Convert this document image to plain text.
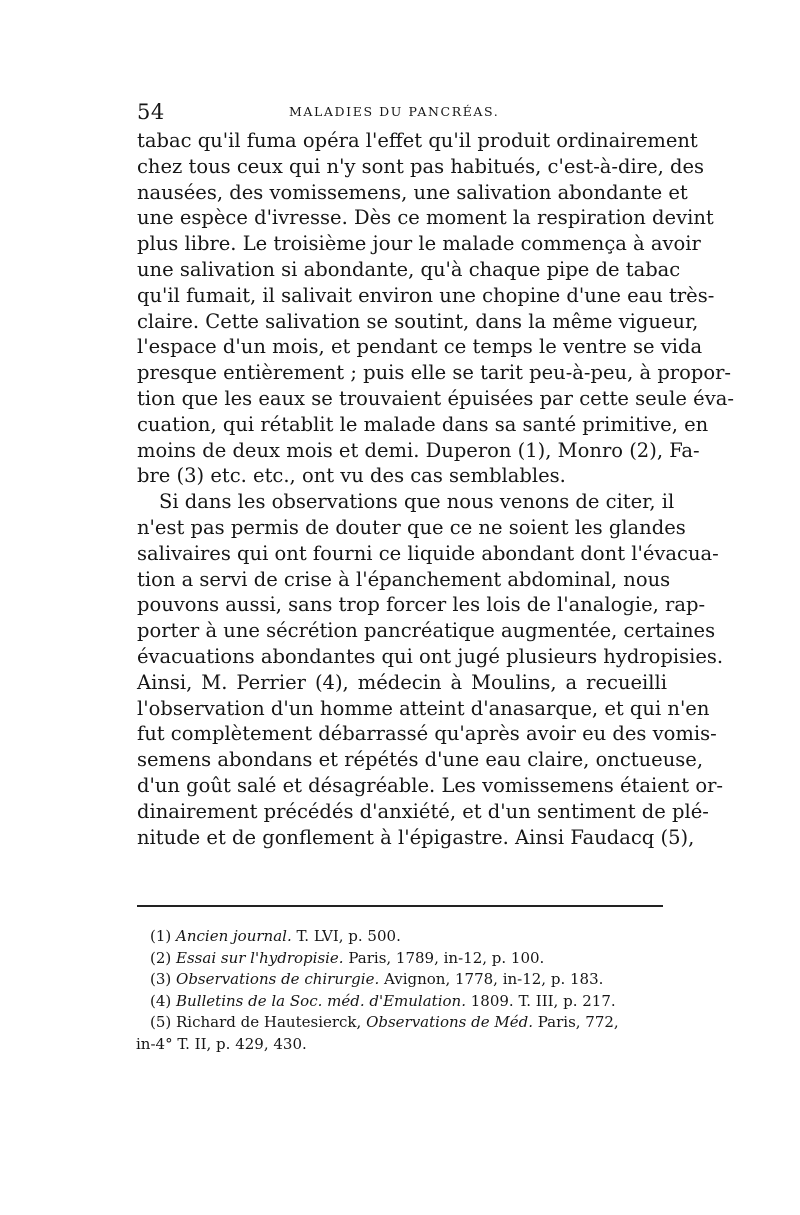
54	MALADIES DU PANCRÉAS.
tabac qu'il fuma opéra l'effet qu'il produit ordinairement
chez tous ceux qui n'y sont pas habitués, c'est-à-dire, des
nausées, des vomissemens, une salivation abondante et
une espèce d'ivresse. Dès ce moment la respiration devint
plus libre. Le troisième jour le malade commença à avoir
une salivation si abondante, qu'à chaque pipe de tabac
qu'il fumait, il salivait environ une chopine d'une eau très-
claire. Cette salivation se soutint, dans la même vigueur,
l'espace d'un mois, et pendant ce temps le ventre se vida
presque entièrement ; puis elle se tarit peu-à-peu, à propor-
tion que les eaux se trouvaient épuisées par cette seule éva-
cuation, qui rétablit le malade dans sa santé primitive, en
moins de deux mois et demi. Duperon (1), Monro (2), Fa-
bre (3) etc. etc., ont vu des cas semblables.
Si dans les observations que nous venons de citer, il
n'est pas permis de douter que ce ne soient les glandes
salivaires qui ont fourni ce liquide abondant dont l'évacua-
tion a servi de crise à l'épanchement abdominal, nous
pouvons aussi, sans trop forcer les lois de l'analogie, rap-
porter à une sécrétion pancréatique augmentée, certaines
évacuations abondantes qui ont jugé plusieurs hydropisies.
Ainsi, M. Perrier (4), médecin à Moulins, a recueilli
l'observation d'un homme atteint d'anasarque, et qui n'en
fut complètement débarrassé qu'après avoir eu des vomis-
semens abondans et répétés d'une eau claire, onctueuse,
d'un goût salé et désagréable. Les vomissemens étaient or-
dinairement précédés d'anxiété, et d'un sentiment de plé-
nitude et de gonflement à l'épigastre. Ainsi Faudacq (5),
(1) Ancien journal. T. LVI, p. 500.
(2) Essai sur l'hydropisie. Paris, 1789, in-12, p. 100.
(3) Observations de chirurgie. Avignon, 1778, in-12, p. 183.
(4) Bulletins de la Soc. méd. d'Emulation. 1809. T. III, p. 217.
(5) Richard de Hautesierck, Observations de Méd. Paris, 772,
in-4° T. II, p. 429, 430.
